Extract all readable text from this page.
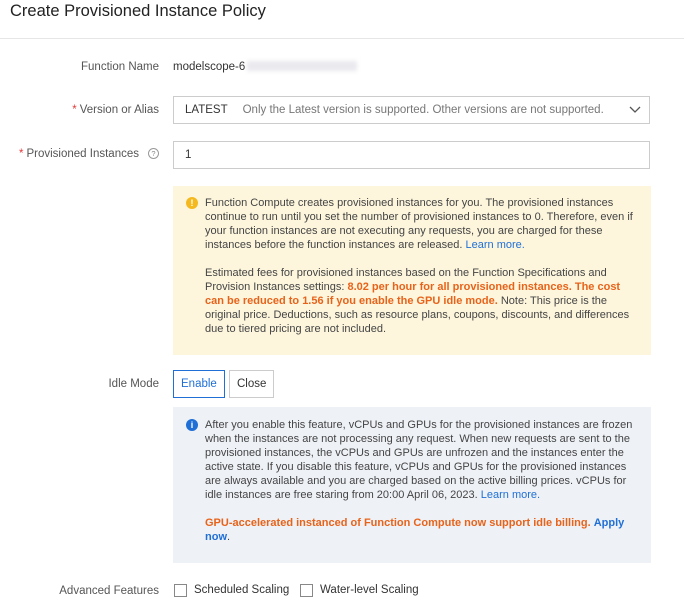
Create Provisioned Instance Policy
Function Name modelscope-6
* Version or Alias	LATEST Only the Latest version is supported. Other versions are not supported.
* Provisioned Instances ?	1
!	Function Compute creates provisioned instances for you. The provisioned instances continue to run until you set the number of provisioned instances to 0. Therefore, even if your function instances are not executing any requests, you are charged for these instances before the function instances are released. Learn more.

Estimated fees for provisioned instances based on the Function Specifications and Provision Instances settings: 8.02 per hour for all provisioned instances. The cost can be reduced to 1.56 if you enable the GPU idle mode. Note: This price is the original price. Deductions, such as resource plans, coupons, discounts, and differences due to tiered pricing are not included.

Idle Mode	Enable	Close
i	After you enable this feature, vCPUs and GPUs for the provisioned instances are frozen when the instances are not processing any request. When new requests are sent to the provisioned instances, the vCPUs and GPUs are unfrozen and the instances enter the active state. If you disable this feature, vCPUs and GPUs for the provisioned instances are always available and you are charged based on the active billing prices. vCPUs for idle instances are free staring from 20:00 April 06, 2023. Learn more.

GPU-accelerated instanced of Function Compute now support idle billing. Apply now.

Advanced Features	Scheduled Scaling	Water-level Scaling
